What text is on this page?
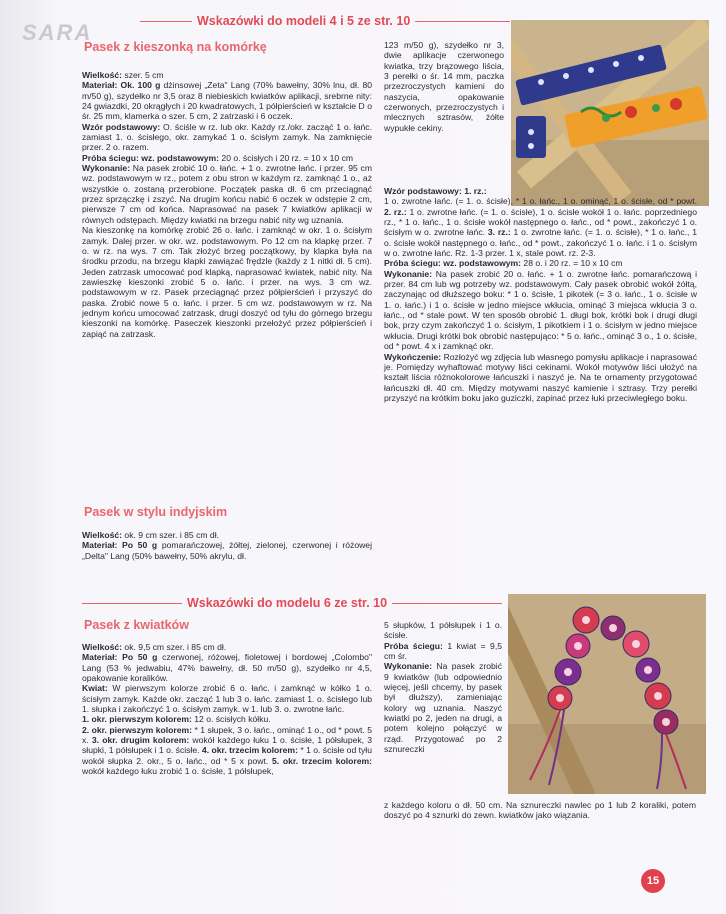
SARA	Wskazówki do modeli 4 i 5 ze str. 10
Pasek z kieszonką na komórkę

Wielkość: szer. 5 cm

Materiał: Ok. 100 g dżinsowej „Zeta" Lang (70% bawełny, 30% lnu, dł. 80 m/50 g), szydełko nr 3,5 oraz 8 niebieskich kwiatków aplikacji, srebrne nity: 24 gwiazdki, 20 okrągłych i 20 kwadratowych, 1 półpierścień w kształcie D o śr. 25 mm, klamerka o szer. 5 cm, 2 zatrzaski i 6 oczek.

Wzór podstawowy: O. ściśle w rz. lub okr. Każdy rz./okr. zacząć 1 o. łańc. zamiast 1. o. ścisłego, okr. zamykać 1 o. ścisłym zamyk. Na zamknięcie przer. 2 o. razem.

Próba ściegu: wz. podstawowym: 20 o. ścisłych i 20 rz. = 10 x 10 cm

Wykonanie: Na pasek zrobić 10 o. łańc. + 1 o. zwrotne łańc. i przer. 95 cm wz. podstawowym w rz., potem z obu stron w każdym rz. zamknąć 1 o., aż wszystkie o. zostaną przerobione. Początek paska dł. 6 cm przeciągnąć przez sprzączkę i zszyć. Na drugim końcu nabić 6 oczek w odstępie 2 cm, pierwsze 7 cm od końca. Naprasować na pasek 7 kwiatków aplikacji w równych odstępach. Między kwiatki na brzegu nabić nity wg uznania.

Na kieszonkę na komórkę zrobić 26 o. łańc. i zamknąć w okr. 1 o. ścisłym zamyk. Dalej przer. w okr. wz. podstawowym. Po 12 cm na klapkę przer. 7 o. w rz. na wys. 7 cm. Tak złożyć brzeg początkowy, by klapka była na środku przodu, na brzegu klapki zawiązać frędzle (każdy z 1 nitki dł. 5 cm). Jeden zatrzask umocować pod klapką, naprasować kwiatek, nabić nity. Na zawieszkę kieszonki zrobić 5 o. łańc. i przer. na wys. 3 cm wz. podstawowym w rz. Pasek przeciągnąć przez półpierścień i przyszyć do paska. Zrobić nowe 5 o. łańc. i przer. 5 cm wz. podstawowym w rz. Na jednym końcu umocować zatrzask, drugi doszyć od tyłu do górnego brzegu kieszonki na komórkę. Paseczek kieszonki przełożyć przez półpierścień i zapiąć na zatrzask.

Pasek w stylu indyjskim

Wielkość: ok. 9 cm szer. i 85 cm dł.

Materiał: Po 50 g pomarańczowej, żółtej, zielonej, czerwonej i różowej „Delta" Lang (50% bawełny, 50% akrylu, dł.

123 m/50 g), szydełko nr 3, dwie aplikacje czerwonego kwiatka, trzy brązowego liścia, 3 perełki o śr. 14 mm, paczka przezroczystych kamieni do naszycia, opakowanie czerwonych, przezroczystych i mlecznych sztrasów, żółte wypukłe cekiny.

Wzór podstawowy: 1. rz.:

1 o. zwrotne łańc. (= 1. o. ścisłe), * 1 o. łańc., 1 o. ominąć, 1 o. ścisłe, od * powt. 2. rz.: 1 o. zwrotne łańc. (= 1. o. ścisłe), 1 o. ścisłe wokół 1 o. łańc. poprzedniego rz., * 1 o. łańc., 1 o. ścisłe wokół następnego o. łańc., od * powt., zakończyć 1 o. ścisłym w o. zwrotne łańc. 3. rz.: 1 o. zwrotne łańc. (= 1. o. ścisłe), * 1 o. łańc., 1 o. ścisłe wokół następnego o. łańc., od * powt., zakończyć 1 o. łańc. i 1 o. ścisłym w o. zwrotne łańc. Rz. 1-3 przer. 1 x, stale powt. rz. 2-3.

Próba ściegu: wz. podstawowym: 28 o. i 20 rz. = 10 x 10 cm

Wykonanie: Na pasek zrobić 20 o. łańc. + 1 o. zwrotne łańc. pomarańczową i przer. 84 cm lub wg potrzeby wz. podstawowym. Cały pasek obrobić wokół żółtą, zaczynając od dłuższego boku: * 1 o. ścisłe, 1 pikotek (= 3 o. łańc., 1 o. ścisłe w 1. o. łańc.) i 1 o. ścisłe w jedno miejsce wkłucia, ominąć 3 miejsca wkłucia 3 o. łańc., od * stale powt. W ten sposób obrobić 1. długi bok, krótki bok i drugi długi bok, przy czym zakończyć 1 o. ścisłym, 1 pikotkiem i 1 o. ścisłym w jedno miejsce wkłucia. Drugi krótki bok obrobić następująco: * 5 o. łańc., ominąć 3 o., 1 o. ścisłe, od * powt. 4 x i zamknąć okr.

Wykończenie: Rozłożyć wg zdjęcia lub własnego pomysłu aplikacje i naprasować je. Pomiędzy wyhaftować motywy liści cekinami. Wokół motywów liści ułożyć na kształt liścia różnokolorowe łańcuszki i naszyć je. Na te ornamenty przygotować łańcuszki dł. 40 cm. Między motywami naszyć kamienie i sztrasy. Trzy perełki przyszyć na krótkim boku jako guziczki, zapinać przez łuki przeciwległego boku.

Wskazówki do modelu 6 ze str. 10
Pasek z kwiatków

Wielkość: ok. 9,5 cm szer. i 85 cm dł.

Materiał: Po 50 g czerwonej, różowej, fioletowej i bordowej „Colombo" Lang (53 % jedwabiu, 47% bawełny, dł. 50 m/50 g), szydełko nr 4,5, opakowanie koralików.

Kwiat: W pierwszym kolorze zrobić 6 o. łańc. i zamknąć w kółko 1 o. ścisłym zamyk. Każde okr. zacząć 1 lub 3 o. łańc. zamiast 1. o. ścisłego lub 1. słupka i zakończyć 1 o. ścisłym zamyk. w 1. lub 3. o. zwrotne łańc.

1. okr. pierwszym kolorem: 12 o. ścisłych kółku.

2. okr. pierwszym kolorem: * 1 słupek, 3 o. łańc., ominąć 1 o., od * powt. 5 x. 3. okr. drugim kolorem: wokół każdego łuku 1 o. ścisłe, 1 półsłupek, 3 słupki, 1 półsłupek i 1 o. ścisłe. 4. okr. trzecim kolorem: * 1 o. ścisłe od tyłu wokół słupka 2. okr., 5 o. łańc., od * 5 x powt. 5. okr. trzecim kolorem: wokół każdego łuku zrobić 1 o. ścisłe, 1 półsłupek,

5 słupków, 1 półsłupek i 1 o. ścisłe.

Próba ściegu: 1 kwiat = 9,5 cm śr.

Wykonanie: Na pasek zrobić 9 kwiatków (lub odpowiednio więcej, jeśli chcemy, by pasek był dłuższy), zamieniając kolory wg uznania. Naszyć kwiatki po 2, jeden na drugi, a potem kolejno połączyć w rząd. Przygotować po 2 sznureczki

z każdego koloru o dł. 50 cm. Na sznureczki nawlec po 1 lub 2 koraliki, potem doszyć po 4 sznurki do zewn. kwiatków jako wiązania.
15
